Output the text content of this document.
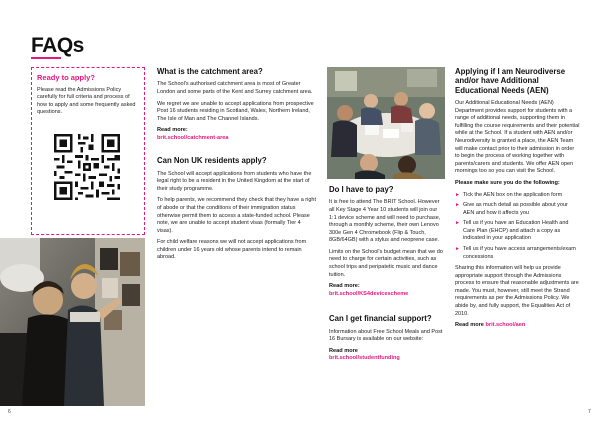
FAQs
Ready to apply?
Please read the Admissions Policy carefully for full criteria and process of how to apply and some frequently asked questions.
What is the catchment area?
The School's authorised catchment area is most of Greater London and some parts of the Kent and Surrey catchment area.
We regret we are unable to accept applications from prospective Post 16 students residing in Scotland, Wales, Northern Ireland, The Isle of Man and The Channel Islands.
Read more:
brit.school/catchment-area
Can Non UK residents apply?
The School will accept applications from students who have the legal right to be a resident in the United Kingdom at the start of their study programme.
To help parents, we recommend they check that they have a right of abode or that the conditions of their immigration status otherwise permit them to access a state-funded school. Please note, we are unable to accept student visas (formally Tier 4 visas).
For child welfare reasons we will not accept applications from children under 16 years old whose parents intend to remain abroad.
Do I have to pay?
It is free to attend The BRIT School. However all Key Stage 4 Year 10 students will join our 1:1 device scheme and will need to purchase, through a monthly scheme, their own Lenovo 300e Gen 4 Chromebook (Flip & Touch, 8GB/64GB) with a stylus and neoprene case.
Limits on the School's budget mean that we do need to charge for certain activities, such as school trips and peripatetic music and dance tuition.
Read more:
brit.school/KS4devicescheme
Can I get financial support?
Information about Free School Meals and Post 16 Bursary is available on our website:
Read more
brit.school/studentfunding
Applying if I am Neurodiverse and/or have Additional Educational Needs (AEN)
Our Additional Educational Needs (AEN) Department provides support for students with a range of additional needs, supporting them in fulfilling the course requirements and their potential while at the School. If a student with AEN and/or Neurodiversity is granted a place, the AEN Team will make contact prior to their admission in order to begin the process of working together with parents/carers and students. We offer AEN open mornings too so you can visit the School.
Please make sure you do the following:
► Tick the AEN box on the application form
► Give as much detail as possible about your AEN and how it affects you
► Tell us if you have an Education Health and Care Plan (EHCP) and attach a copy as indicated in your application
► Tell us if you have access arrangements/exam concessions
Sharing this information will help us provide appropriate support through the Admissions process to ensure that reasonable adjustments are made. You must, however, still meet the Strand requirements as per the Admissions Policy. We abide by, and fully support, the Equalities Act of 2010.
Read more brit.school/aen
6	7
